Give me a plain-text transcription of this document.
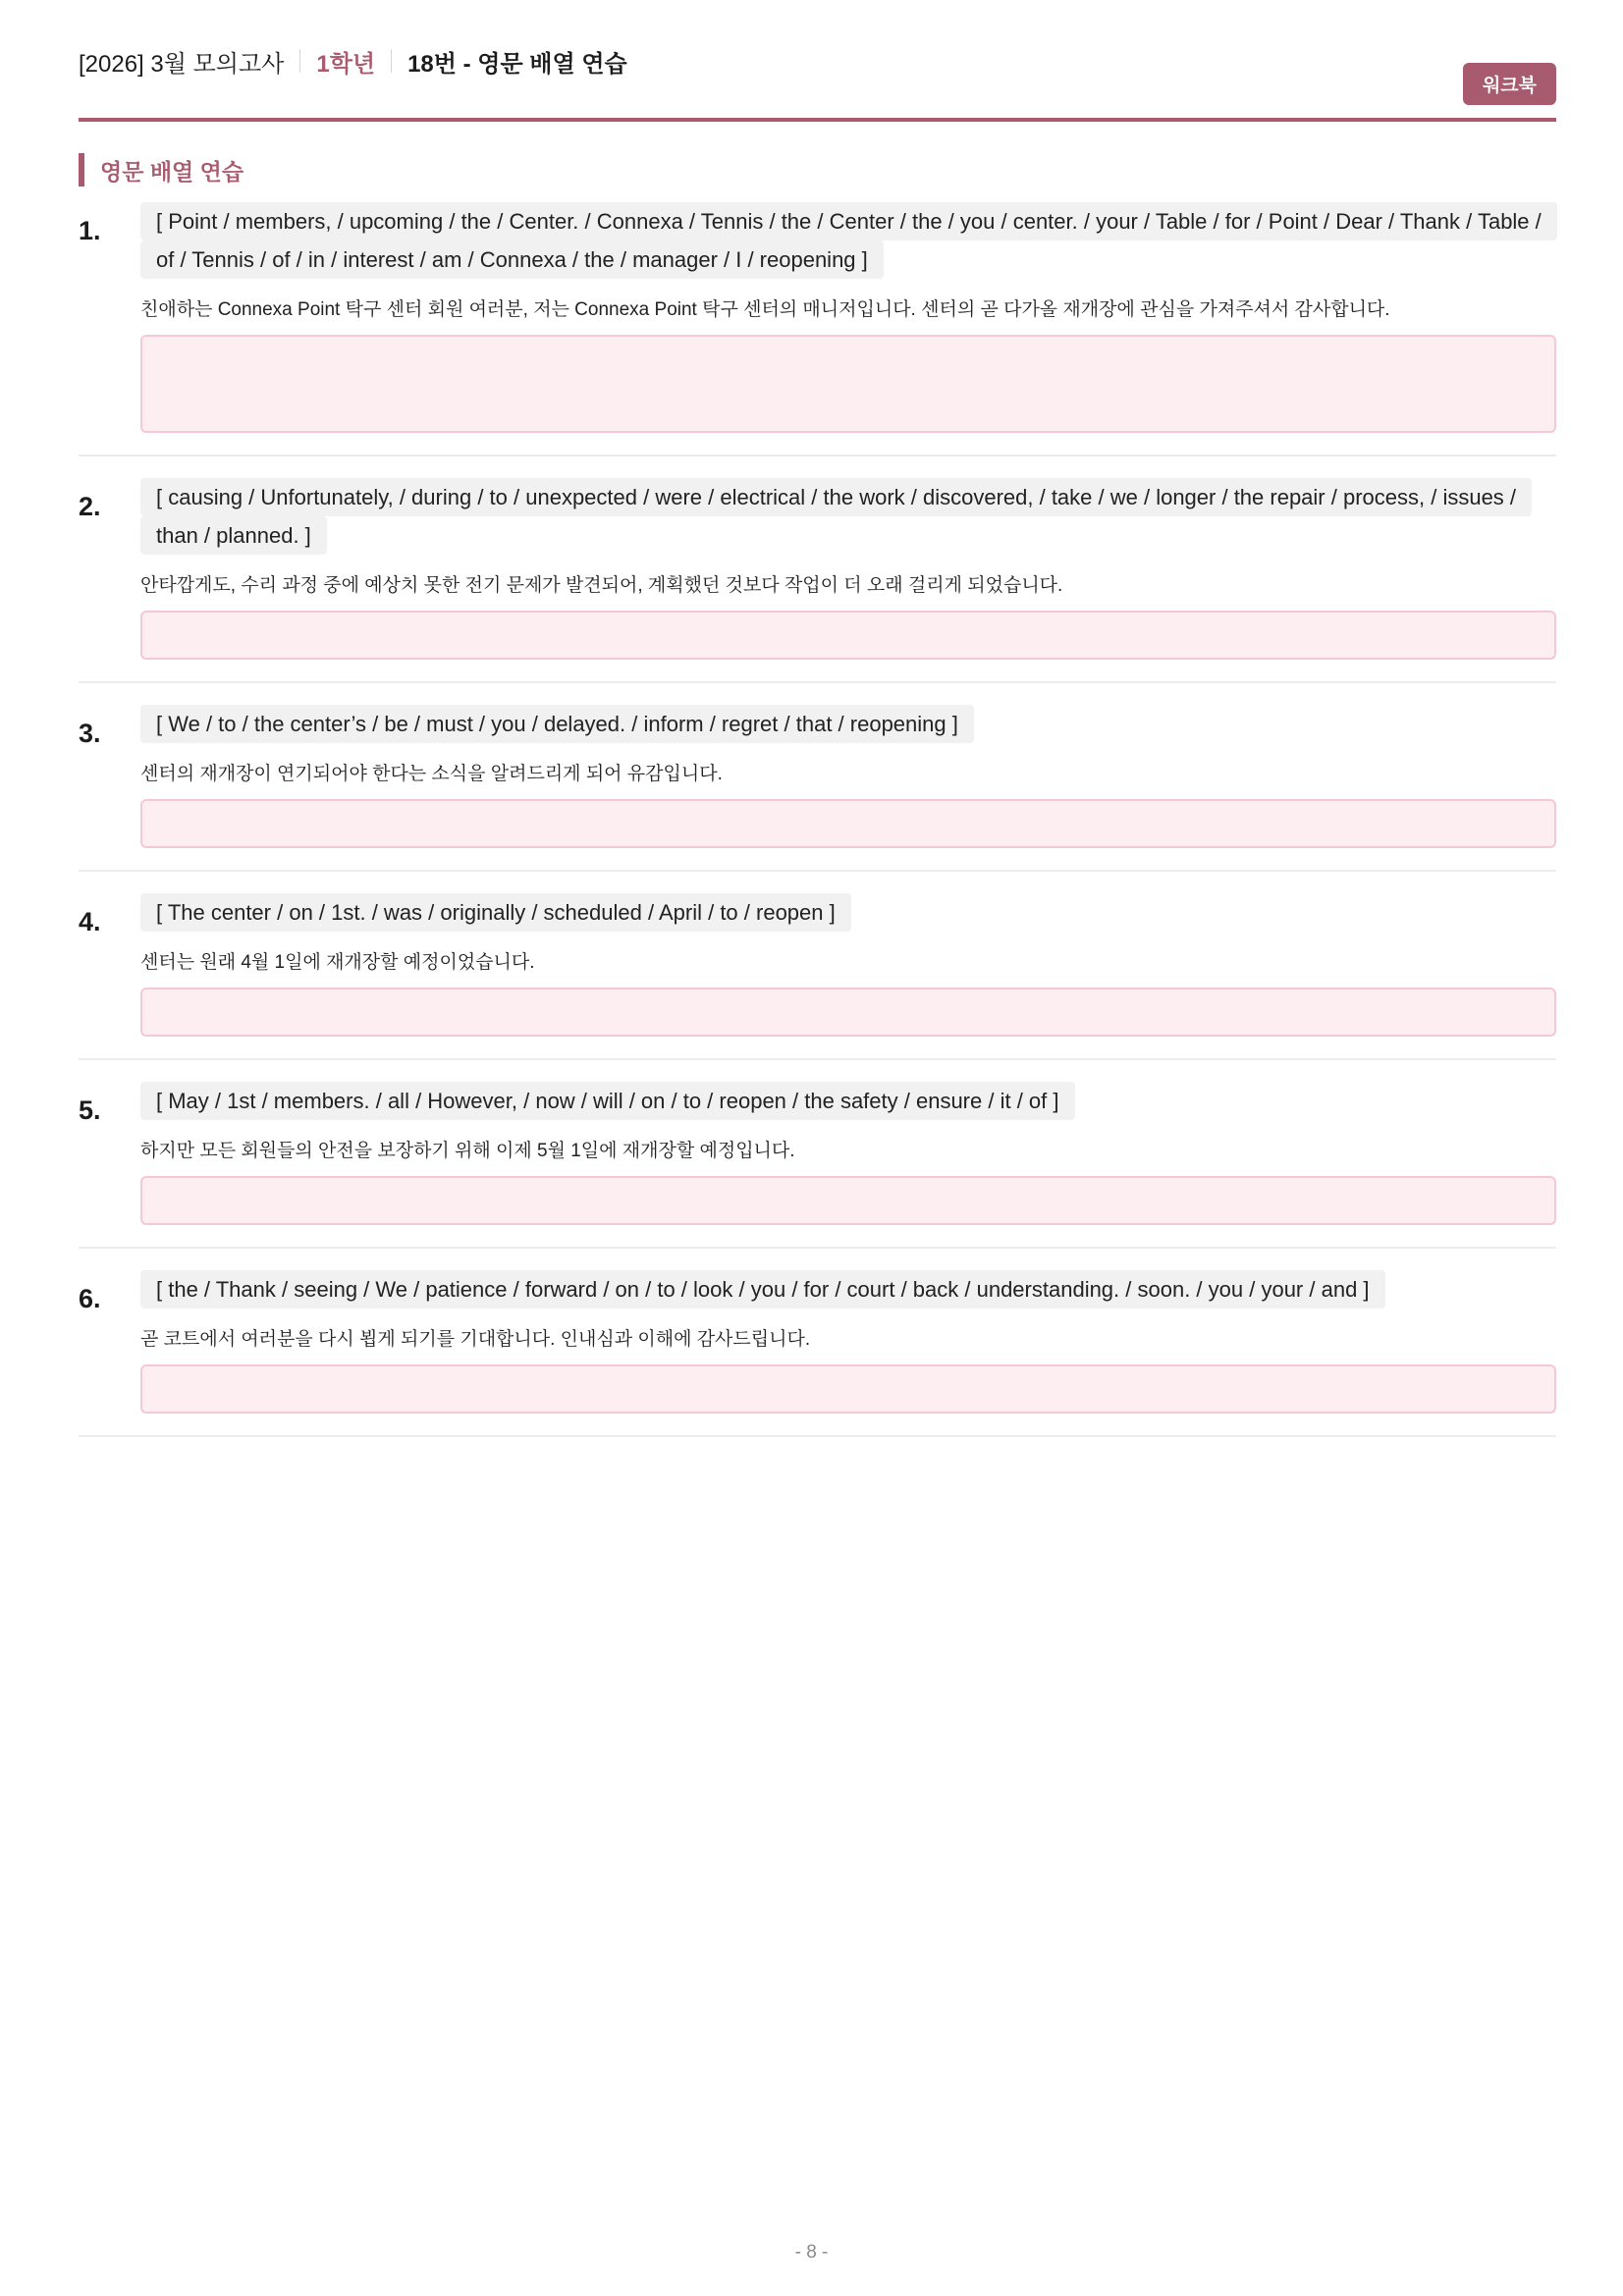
[2026] 3월 모의고사 1학년 18번 - 영문 배열 연습
워크북
영문 배열 연습
1.	[ Point / members, / upcoming / the / Center. / Connexa / Tennis / the / Center / the / you / center. / your / Table / for / Point / Dear / Thank / Table / of / Tennis / of / in / interest / am / Connexa / the / manager / I / reopening ]
친애하는 Connexa Point 탁구 센터 회원 여러분, 저는 Connexa Point 탁구 센터의 매니저입니다. 센터의 곧 다가올 재개장에 관심을 가져주셔서 감사합니다.
2.	[ causing / Unfortunately, / during / to / unexpected / were / electrical / the work / discovered, / take / we / longer / the repair / process, / issues / than / planned. ]
안타깝게도, 수리 과정 중에 예상치 못한 전기 문제가 발견되어, 계획했던 것보다 작업이 더 오래 걸리게 되었습니다.
3.	[ We / to / the center’s / be / must / you / delayed. / inform / regret / that / reopening ]
센터의 재개장이 연기되어야 한다는 소식을 알려드리게 되어 유감입니다.
4.	[ The center / on / 1st. / was / originally / scheduled / April / to / reopen ]
센터는 원래 4월 1일에 재개장할 예정이었습니다.
5.	[ May / 1st / members. / all / However, / now / will / on / to / reopen / the safety / ensure / it / of ]
하지만 모든 회원들의 안전을 보장하기 위해 이제 5월 1일에 재개장할 예정입니다.
6.	[ the / Thank / seeing / We / patience / forward / on / to / look / you / for / court / back / understanding. / soon. / you / your / and ]
곧 코트에서 여러분을 다시 뵙게 되기를 기대합니다. 인내심과 이해에 감사드립니다.
- 8 -
